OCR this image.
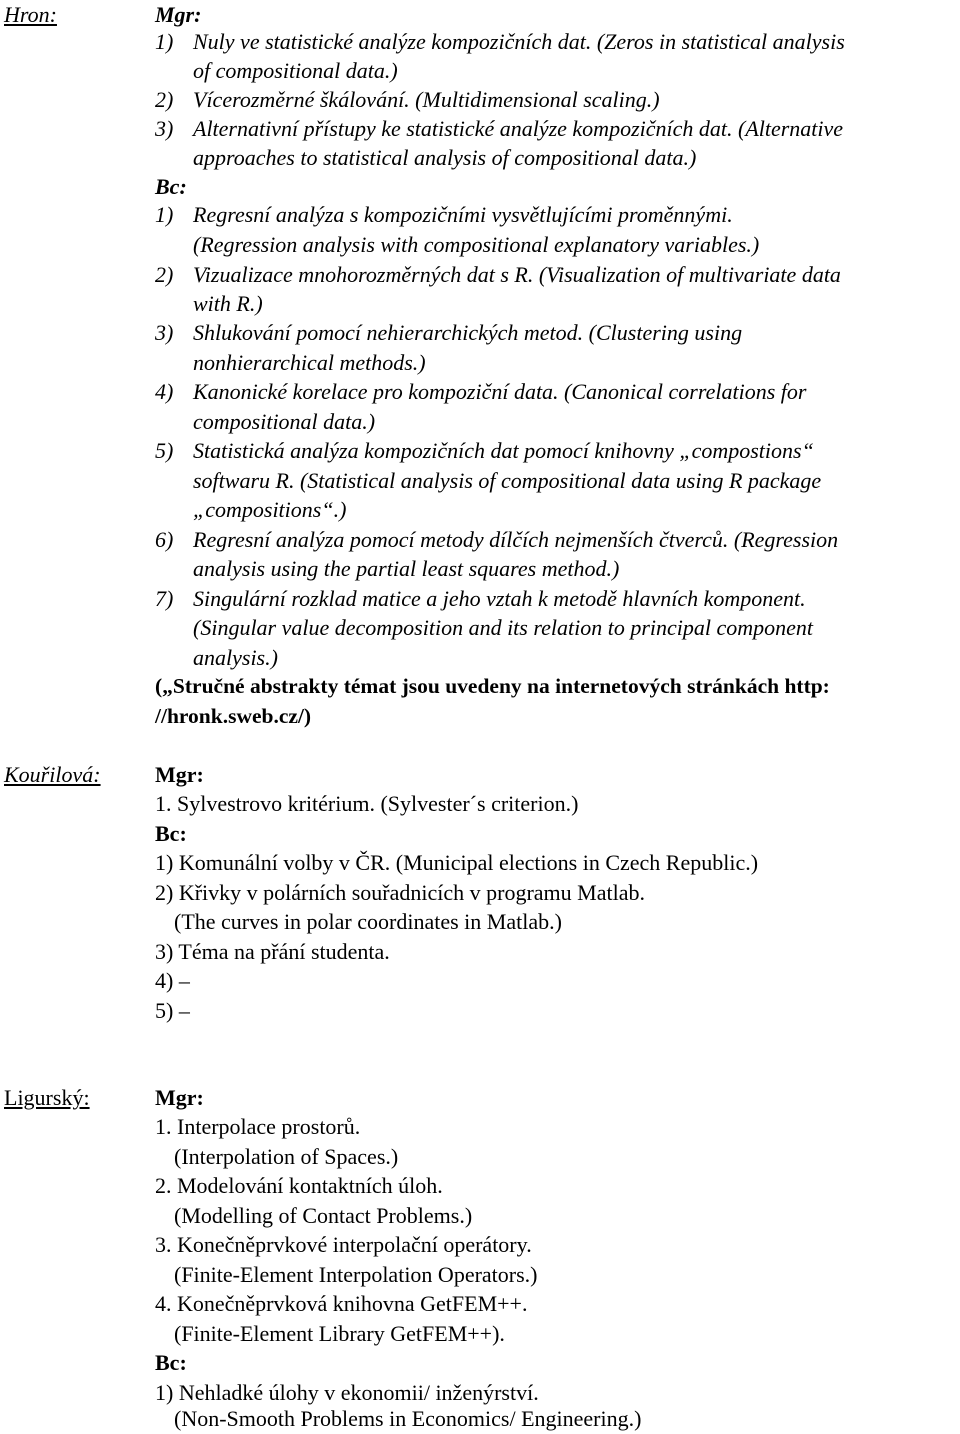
Hron:	Mgr:
1) Nuly ve statistické analýze kompozičních dat. (Zeros in statistical analysis
of compositional data.)
2) Vícerozměrné škálování. (Multidimensional scaling.)
3) Alternativní přístupy ke statistické analýze kompozičních dat. (Alternative
approaches to statistical analysis of compositional data.)
Bc:
1) Regresní analýza s kompozičními vysvětlujícími proměnnými.
(Regression analysis with compositional explanatory variables.)
2) Vizualizace mnohorozměrných dat s R. (Visualization of multivariate data
with R.)
3) Shlukování pomocí nehierarchických metod. (Clustering using
nonhierarchical methods.)
4) Kanonické korelace pro kompoziční data. (Canonical correlations for
compositional data.)
5) Statistická analýza kompozičních dat pomocí knihovny „compostions“
softwaru R. (Statistical analysis of compositional data using R package
„compositions“.)
6) Regresní analýza pomocí metody dílčích nejmenších čtverců. (Regression
analysis using the partial least squares method.)
7) Singulární rozklad matice a jeho vztah k metodě hlavních komponent.
(Singular value decomposition and its relation to principal component
analysis.)
(„Stručné abstrakty témat jsou uvedeny na internetových stránkách http:
//hronk.sweb.cz/)
Kouřilová: Mgr:
1. Sylvestrovo kritérium. (Sylvester´s criterion.)
Bc:
1) Komunální volby v ČR. (Municipal elections in Czech Republic.)
2) Křivky v polárních souřadnicích v programu Matlab.
(The curves in polar coordinates in Matlab.)
3) Téma na přání studenta.
4) –
5) –
Ligurský:	Mgr:
1. Interpolace prostorů.
(Interpolation of Spaces.)
2. Modelování kontaktních úloh.
(Modelling of Contact Problems.)
3. Konečněprvkové interpolační operátory.
(Finite-Element Interpolation Operators.)
4. Konečněprvková knihovna GetFEM++.
(Finite-Element Library GetFEM++).
Bc:
1) Nehladké úlohy v ekonomii/ inženýrství.
(Non-Smooth Problems in Economics/ Engineering.)
